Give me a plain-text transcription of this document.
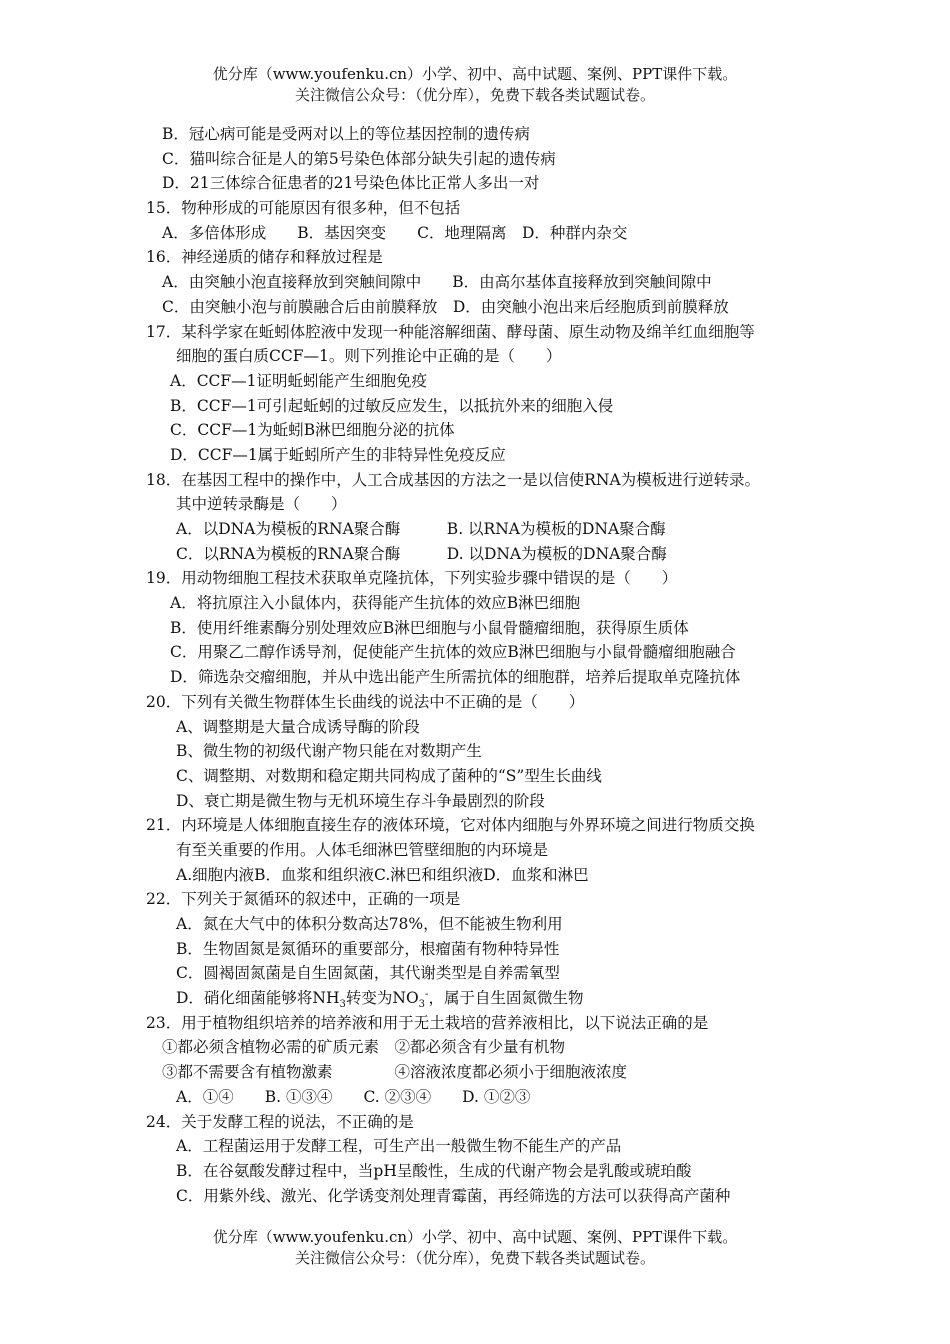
优分库（www.youfenku.cn）小学、初中、高中试题、案例、PPT课件下载。
关注微信公众号：（优分库），免费下载各类试题试卷。
B．冠心病可能是受两对以上的等位基因控制的遗传病
C．猫叫综合征是人的第5号染色体部分缺失引起的遗传病
D．21三体综合征患者的21号染色体比正常人多出一对
15．物种形成的可能原因有很多种，但不包括
A．多倍体形成　　B．基因突变　　C．地理隔离　D．种群内杂交
16．神经递质的储存和释放过程是
A．由突触小泡直接释放到突触间隙中　　B．由高尔基体直接释放到突触间隙中
C．由突触小泡与前膜融合后由前膜释放　D．由突触小泡出来后经胞质到前膜释放
17．某科学家在蚯蚓体腔液中发现一种能溶解细菌、酵母菌、原生动物及绵羊红血细胞等
细胞的蛋白质CCF—1。则下列推论中正确的是（　　）
A．CCF—1证明蚯蚓能产生细胞免疫
B．CCF—1可引起蚯蚓的过敏反应发生，以抵抗外来的细胞入侵
C．CCF—1为蚯蚓B淋巴细胞分泌的抗体
D．CCF—1属于蚯蚓所产生的非特异性免疫反应
18．在基因工程中的操作中，人工合成基因的方法之一是以信使RNA为模板进行逆转录。
其中逆转录酶是（　　）
A．以DNA为模板的RNA聚合酶　　　B. 以RNA为模板的DNA聚合酶
C．以RNA为模板的RNA聚合酶　　　D. 以DNA为模板的DNA聚合酶
19．用动物细胞工程技术获取单克隆抗体，下列实验步骤中错误的是（　　）
A．将抗原注入小鼠体内，获得能产生抗体的效应B淋巴细胞
B．使用纤维素酶分别处理效应B淋巴细胞与小鼠骨髓瘤细胞，获得原生质体
C．用聚乙二醇作诱导剂，促使能产生抗体的效应B淋巴细胞与小鼠骨髓瘤细胞融合
D．筛选杂交瘤细胞，并从中选出能产生所需抗体的细胞群，培养后提取单克隆抗体
20．下列有关微生物群体生长曲线的说法中不正确的是（　　）
A、调整期是大量合成诱导酶的阶段
B、微生物的初级代谢产物只能在对数期产生
C、调整期、对数期和稳定期共同构成了菌种的“S”型生长曲线
D、衰亡期是微生物与无机环境生存斗争最剧烈的阶段
21．内环境是人体细胞直接生存的液体环境，它对体内细胞与外界环境之间进行物质交换
有至关重要的作用。人体毛细淋巴管壁细胞的内环境是
A.细胞内液B．血浆和组织液C.淋巴和组织液D．血浆和淋巴
22．下列关于氮循环的叙述中，正确的一项是
A．氮在大气中的体积分数高达78%，但不能被生物利用
B．生物固氮是氮循环的重要部分，根瘤菌有物种特异性
C．圆褐固氮菌是自生固氮菌，其代谢类型是自养需氧型
D．硝化细菌能够将$NH_3$转变为$NO_3^-$，属于自生固氮微生物
23．用于植物组织培养的培养液和用于无土栽培的营养液相比，以下说法正确的是
①都必须含植物必需的矿质元素　②都必须含有少量有机物
③都不需要含有植物激素　　　　④溶液浓度都必须小于细胞液浓度
A．①④　　B. ①③④　　C. ②③④　　D. ①②③
24．关于发酵工程的说法，不正确的是
A．工程菌运用于发酵工程，可生产出一般微生物不能生产的产品
B．在谷氨酸发酵过程中，当pH呈酸性，生成的代谢产物会是乳酸或琥珀酸
C．用紫外线、激光、化学诱变剂处理青霉菌，再经筛选的方法可以获得高产菌种
优分库（www.youfenku.cn）小学、初中、高中试题、案例、PPT课件下载。
关注微信公众号：（优分库），免费下载各类试题试卷。
